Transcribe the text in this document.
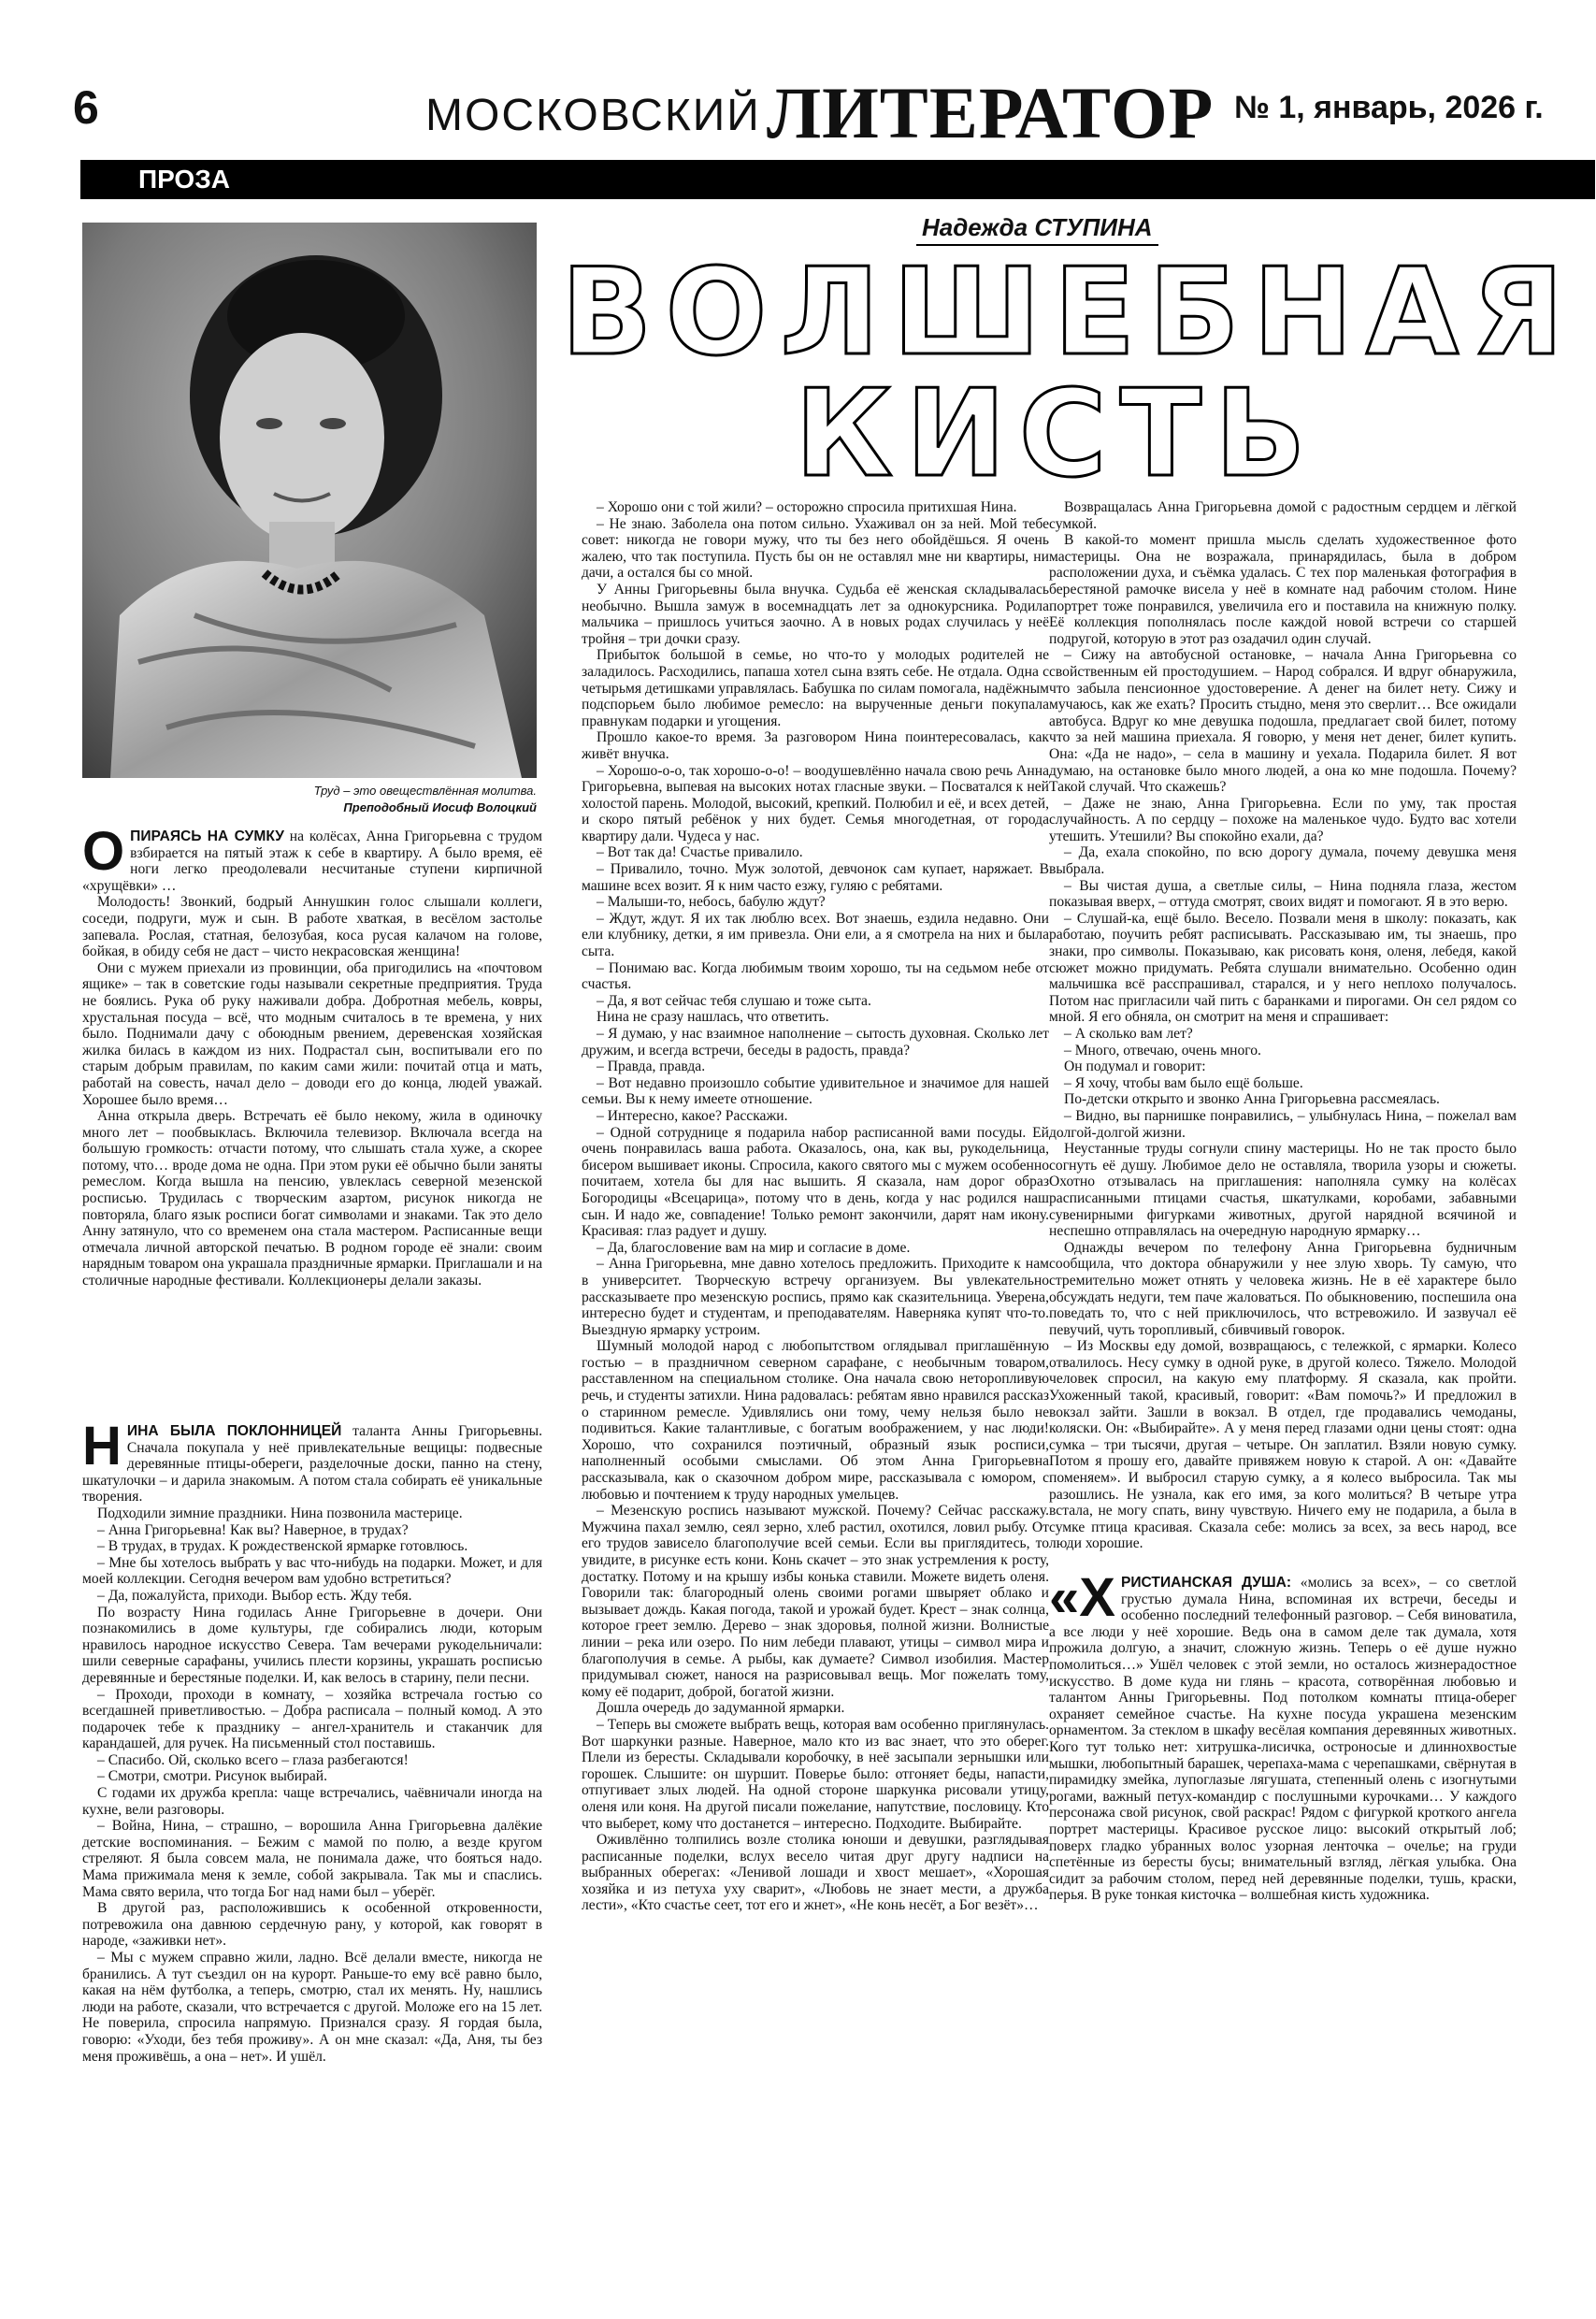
6	МОСКОВСКИЙ ЛИТЕРАТОР № 1, январь, 2026 г.
ПРОЗА
Труд – это овеществлённая молитва.
Преподобный Иосиф Волоцкий
Надежда СТУПИНА
ВОЛШЕБНАЯ
КИСТЬ

ОПИРАЯСЬ НА СУМКУ на колёсах, Анна Григорьевна с трудом взбирается на пятый этаж к себе в квартиру. А было время, её ноги легко преодолевали несчитаные ступени кирпичной «хрущёвки» …

Молодость! Звонкий, бодрый Аннушкин голос слышали коллеги, соседи, подруги, муж и сын. В работе хваткая, в весёлом застолье запевала. Рослая, статная, белозубая, коса русая калачом на голове, бойкая, в обиду себя не даст – чисто некрасовская женщина!

Они с мужем приехали из провинции, оба пригодились на «почтовом ящике» – так в советские годы называли секретные предприятия. Труда не боялись. Рука об руку наживали добра. Добротная мебель, ковры, хрустальная посуда – всё, что модным считалось в те времена, у них было. Поднимали дачу с обоюдным рвением, деревенская хозяйская жилка билась в каждом из них. Подрастал сын, воспитывали его по старым добрым правилам, по каким сами жили: почитай отца и мать, работай на совесть, начал дело – доводи его до конца, людей уважай. Хорошее было время…

Анна открыла дверь. Встречать её было некому, жила в одиночку много лет – пообвыклась. Включила телевизор. Включала всегда на большую громкость: отчасти потому, что слышать стала хуже, а скорее потому, что… вроде дома не одна. При этом руки её обычно были заняты ремеслом. Когда вышла на пенсию, увлеклась северной мезенской росписью. Трудилась с творческим азартом, рисунок никогда не повторяла, благо язык росписи богат символами и знаками. Так это дело Анну затянуло, что со временем она стала мастером. Расписанные вещи отмечала личной авторской печатью. В родном городе её знали: своим нарядным товаром она украшала праздничные ярмарки. Приглашали и на столичные народные фестивали. Коллекционеры делали заказы.

НИНА БЫЛА ПОКЛОННИЦЕЙ таланта Анны Григорьевны. Сначала покупала у неё привлекательные вещицы: подвесные деревянные птицы-обереги, разделочные доски, панно на стену, шкатулочки – и дарила знакомым. А потом стала собирать её уникальные творения.

Подходили зимние праздники. Нина позвонила мастерице.

– Анна Григорьевна! Как вы? Наверное, в трудах?

– В трудах, в трудах. К рождественской ярмарке готовлюсь.

– Мне бы хотелось выбрать у вас что-нибудь на подарки. Может, и для моей коллекции. Сегодня вечером вам удобно встретиться?

– Да, пожалуйста, приходи. Выбор есть. Жду тебя.

По возрасту Нина годилась Анне Григорьевне в дочери. Они познакомились в доме культуры, где собирались люди, которым нравилось народное искусство Севера. Там вечерами рукодельничали: шили северные сарафаны, учились плести корзины, украшать росписью деревянные и берестяные поделки. И, как велось в старину, пели песни.

– Проходи, проходи в комнату, – хозяйка встречала гостью со всегдашней приветливостью. – Добра расписала – полный комод. А это подарочек тебе к празднику – ангел-хранитель и стаканчик для карандашей, для ручек. На письменный стол поставишь.

– Спасибо. Ой, сколько всего – глаза разбегаются!

– Смотри, смотри. Рисунок выбирай.

С годами их дружба крепла: чаще встречались, чаёвничали иногда на кухне, вели разговоры.

– Война, Нина, – страшно, – ворошила Анна Григорьевна далёкие детские воспоминания. – Бежим с мамой по полю, а везде кругом стреляют. Я была совсем мала, не понимала даже, что бояться надо. Мама прижимала меня к земле, собой закрывала. Так мы и спаслись. Мама свято верила, что тогда Бог над нами был – уберёг.

В другой раз, расположившись к особенной откровенности, потревожила она давнюю сердечную рану, у которой, как говорят в народе, «заживки нет».

– Мы с мужем справно жили, ладно. Всё делали вместе, никогда не бранились. А тут съездил он на курорт. Раньше-то ему всё равно было, какая на нём футболка, а теперь, смотрю, стал их менять. Ну, нашлись люди на работе, сказали, что встречается с другой. Моложе его на 15 лет. Не поверила, спросила напрямую. Признался сразу. Я гордая была, говорю: «Уходи, без тебя проживу». А он мне сказал: «Да, Аня, ты без меня проживёшь, а она – нет». И ушёл.

– Хорошо они с той жили? – осторожно спросила притихшая Нина.

– Не знаю. Заболела она потом сильно. Ухаживал он за ней. Мой тебе совет: никогда не говори мужу, что ты без него обойдёшься. Я очень жалею, что так поступила. Пусть бы он не оставлял мне ни квартиры, ни дачи, а остался бы со мной.

У Анны Григорьевны была внучка. Судьба её женская складывалась необычно. Вышла замуж в восемнадцать лет за однокурсника. Родила мальчика – пришлось учиться заочно. А в новых родах случилась у неё тройня – три дочки сразу.

Прибыток большой в семье, но что-то у молодых родителей не заладилось. Расходились, папаша хотел сына взять себе. Не отдала. Одна с четырьмя детишками управлялась. Бабушка по силам помогала, надёжным подспорьем было любимое ремесло: на вырученные деньги покупала правнукам подарки и угощения.

Прошло какое-то время. За разговором Нина поинтересовалась, как живёт внучка.

– Хорошо-о-о, так хорошо-о-о! – воодушевлённо начала свою речь Анна Григорьевна, выпевая на высоких нотах гласные звуки. – Посватался к ней холостой парень. Молодой, высокий, крепкий. Полюбил и её, и всех детей, и скоро пятый ребёнок у них будет. Семья многодетная, от города квартиру дали. Чудеса у нас.

– Вот так да! Счастье привалило.

– Привалило, точно. Муж золотой, девчонок сам купает, наряжает. В машине всех возит. Я к ним часто езжу, гуляю с ребятами.

– Малыши-то, небось, бабулю ждут?

– Ждут, ждут. Я их так люблю всех. Вот знаешь, ездила недавно. Они ели клубнику, детки, я им привезла. Они ели, а я смотрела на них и была сыта.

– Понимаю вас. Когда любимым твоим хорошо, ты на седьмом небе от счастья.

– Да, я вот сейчас тебя слушаю и тоже сыта.

Нина не сразу нашлась, что ответить.

– Я думаю, у нас взаимное наполнение – сытость духовная. Сколько лет дружим, и всегда встречи, беседы в радость, правда?

– Правда, правда.

– Вот недавно произошло событие удивительное и значимое для нашей семьи. Вы к нему имеете отношение.

– Интересно, какое? Расскажи.

– Одной сотруднице я подарила набор расписанной вами посуды. Ей очень понравилась ваша работа. Оказалось, она, как вы, рукодельница, бисером вышивает иконы. Спросила, какого святого мы с мужем особенно почитаем, хотела бы для нас вышить. Я сказала, нам дорог образ Богородицы «Всецарица», потому что в день, когда у нас родился наш сын. И надо же, совпадение! Только ремонт закончили, дарят нам икону. Красивая: глаз радует и душу.

– Да, благословение вам на мир и согласие в доме.

– Анна Григорьевна, мне давно хотелось предложить. Приходите к нам в университет. Творческую встречу организуем. Вы увлекательно рассказываете про мезенскую роспись, прямо как сказительница. Уверена, интересно будет и студентам, и преподавателям. Наверняка купят что-то. Выездную ярмарку устроим.

Шумный молодой народ с любопытством оглядывал приглашённую гостью – в праздничном северном сарафане, с необычным товаром, расставленном на специальном столике. Она начала свою неторопливую речь, и студенты затихли. Нина радовалась: ребятам явно нравился рассказ о старинном ремесле. Удивлялись они тому, чему нельзя было не подивиться. Какие талантливые, с богатым воображением, у нас люди! Хорошо, что сохранился поэтичный, образный язык росписи, наполненный особыми смыслами. Об этом Анна Григорьевна рассказывала, как о сказочном добром мире, рассказывала с юмором, с любовью и почтением к труду народных умельцев.

– Мезенскую роспись называют мужской. Почему? Сейчас расскажу. Мужчина пахал землю, сеял зерно, хлеб растил, охотился, ловил рыбу. От его трудов зависело благополучие всей семьи. Если вы приглядитесь, то увидите, в рисунке есть кони. Конь скачет – это знак устремления к росту, достатку. Потому и на крышу избы конька ставили. Можете видеть оленя. Говорили так: благородный олень своими рогами швыряет облако и вызывает дождь. Какая погода, такой и урожай будет. Крест – знак солнца, которое греет землю. Дерево – знак здоровья, полной жизни. Волнистые линии – река или озеро. По ним лебеди плавают, утицы – символ мира и благополучия в семье. А рыбы, как думаете? Символ изобилия. Мастер придумывал сюжет, нанося на разрисовывал вещь. Мог пожелать тому, кому её подарит, доброй, богатой жизни.

Дошла очередь до задуманной ярмарки.

– Теперь вы сможете выбрать вещь, которая вам особенно приглянулась. Вот шаркунки разные. Наверное, мало кто из вас знает, что это оберег. Плели из бересты. Складывали коробочку, в неё засыпали зернышки или горошек. Слышите: он шуршит. Поверье было: отгоняет беды, напасти, отпугивает злых людей. На одной стороне шаркунка рисовали утицу, оленя или коня. На другой писали пожелание, напутствие, пословицу. Кто что выберет, кому что достанется – интересно. Подходите. Выбирайте.

Оживлённо толпились возле столика юноши и девушки, разглядывая расписанные поделки, вслух весело читая друг другу надписи на выбранных оберегах: «Ленивой лошади и хвост мешает», «Хорошая хозяйка и из петуха уху сварит», «Любовь не знает мести, а дружба лести», «Кто счастье сеет, тот его и жнет», «Не конь несёт, а Бог везёт»…

Возвращалась Анна Григорьевна домой с радостным сердцем и лёгкой сумкой.

В какой-то момент пришла мысль сделать художественное фото мастерицы. Она не возражала, принарядилась, была в добром расположении духа, и съёмка удалась. С тех пор маленькая фотография в берестяной рамочке висела у неё в комнате над рабочим столом. Нине портрет тоже понравился, увеличила его и поставила на книжную полку. Её коллекция пополнялась после каждой новой встречи со старшей подругой, которую в этот раз озадачил один случай.

– Сижу на автобусной остановке, – начала Анна Григорьевна со свойственным ей простодушием. – Народ собрался. И вдруг обнаружила, что забыла пенсионное удостоверение. А денег на билет нету. Сижу и мучаюсь, как же ехать? Просить стыдно, меня это сверлит… Все ожидали автобуса. Вдруг ко мне девушка подошла, предлагает свой билет, потому что за ней машина приехала. Я говорю, у меня нет денег, билет купить. Она: «Да не надо», – села в машину и уехала. Подарила билет. Я вот думаю, на остановке было много людей, а она ко мне подошла. Почему? Такой случай. Что скажешь?

– Даже не знаю, Анна Григорьевна. Если по уму, так простая случайность. А по сердцу – похоже на маленькое чудо. Будто вас хотели утешить. Утешили? Вы спокойно ехали, да?

– Да, ехала спокойно, по всю дорогу думала, почему девушка меня выбрала.

– Вы чистая душа, а светлые силы, – Нина подняла глаза, жестом показывая вверх, – оттуда смотрят, своих видят и помогают. Я в это верю.

– Слушай-ка, ещё было. Весело. Позвали меня в школу: показать, как работаю, поучить ребят расписывать. Рассказываю им, ты знаешь, про знаки, про символы. Показываю, как рисовать коня, оленя, лебедя, какой сюжет можно придумать. Ребята слушали внимательно. Особенно один мальчишка всё расспрашивал, старался, и у него неплохо получалось. Потом нас пригласили чай пить с баранками и пирогами. Он сел рядом со мной. Я его обняла, он смотрит на меня и спрашивает:

– А сколько вам лет?

– Много, отвечаю, очень много.

Он подумал и говорит:

– Я хочу, чтобы вам было ещё больше.

По-детски открыто и звонко Анна Григорьевна рассмеялась.

– Видно, вы парнишке понравились, – улыбнулась Нина, – пожелал вам долгой-долгой жизни.

Неустанные труды согнули спину мастерицы. Но не так просто было согнуть её душу. Любимое дело не оставляла, творила узоры и сюжеты. Охотно отзывалась на приглашения: наполняла сумку на колёсах расписанными птицами счастья, шкатулками, коробами, забавными сувенирными фигурками животных, другой нарядной всячиной и неспешно отправлялась на очередную народную ярмарку…

Однажды вечером по телефону Анна Григорьевна будничным сообщила, что доктора обнаружили у нее злую хворь. Ту самую, что стремительно может отнять у человека жизнь. Не в её характере было обсуждать недуги, тем паче жаловаться. По обыкновению, поспешила она поведать то, что с ней приключилось, что встревожило. И зазвучал её певучий, чуть торопливый, сбивчивый говорок.

– Из Москвы еду домой, возвращаюсь, с тележкой, с ярмарки. Колесо отвалилось. Несу сумку в одной руке, в другой колесо. Тяжело. Молодой человек спросил, на какую ему платформу. Я сказала, как пройти. Ухоженный такой, красивый, говорит: «Вам помочь?» И предложил в вокзал зайти. Зашли в вокзал. В отдел, где продавались чемоданы, коляски. Он: «Выбирайте». А у меня перед глазами одни цены стоят: одна сумка – три тысячи, другая – четыре. Он заплатил. Взяли новую сумку. Потом я прошу его, давайте привяжем новую к старой. А он: «Давайте поменяем». И выбросил старую сумку, а я колесо выбросила. Так мы разошлись. Не узнала, как его имя, за кого молиться? В четыре утра встала, не могу спать, вину чувствую. Ничего ему не подарила, а была в сумке птица красивая. Сказала себе: молись за всех, за весь народ, все люди хорошие.

«ХРИСТИАНСКАЯ ДУША: «молись за всех», – со светлой грустью думала Нина, вспоминая их встречи, беседы и особенно последний телефонный разговор. – Себя виноватила, а все люди у неё хорошие. Ведь она в самом деле так думала, хотя прожила долгую, а значит, сложную жизнь. Теперь о её душе нужно помолиться…» Ушёл человек с этой земли, но осталось жизнерадостное искусство. В доме куда ни глянь – красота, сотворённая любовью и талантом Анны Григорьевны. Под потолком комнаты птица-оберег охраняет семейное счастье. На кухне посуда украшена мезенским орнаментом. За стеклом в шкафу весёлая компания деревянных животных. Кого тут только нет: хитрушка-лисичка, остроносые и длиннохвостые мышки, любопытный барашек, черепаха-мама с черепашками, свёрнутая в пирамидку змейка, лупоглазые лягушата, степенный олень с изогнутыми рогами, важный петух-командир с послушными курочками… У каждого персонажа свой рисунок, свой раскрас! Рядом с фигуркой кроткого ангела портрет мастерицы. Красивое русское лицо: высокий открытый лоб; поверх гладко убранных волос узорная ленточка – очелье; на груди спетённые из бересты бусы; внимательный взгляд, лёгкая улыбка. Она сидит за рабочим столом, перед ней деревянные поделки, тушь, краски, перья. В руке тонкая кисточка – волшебная кисть художника.
